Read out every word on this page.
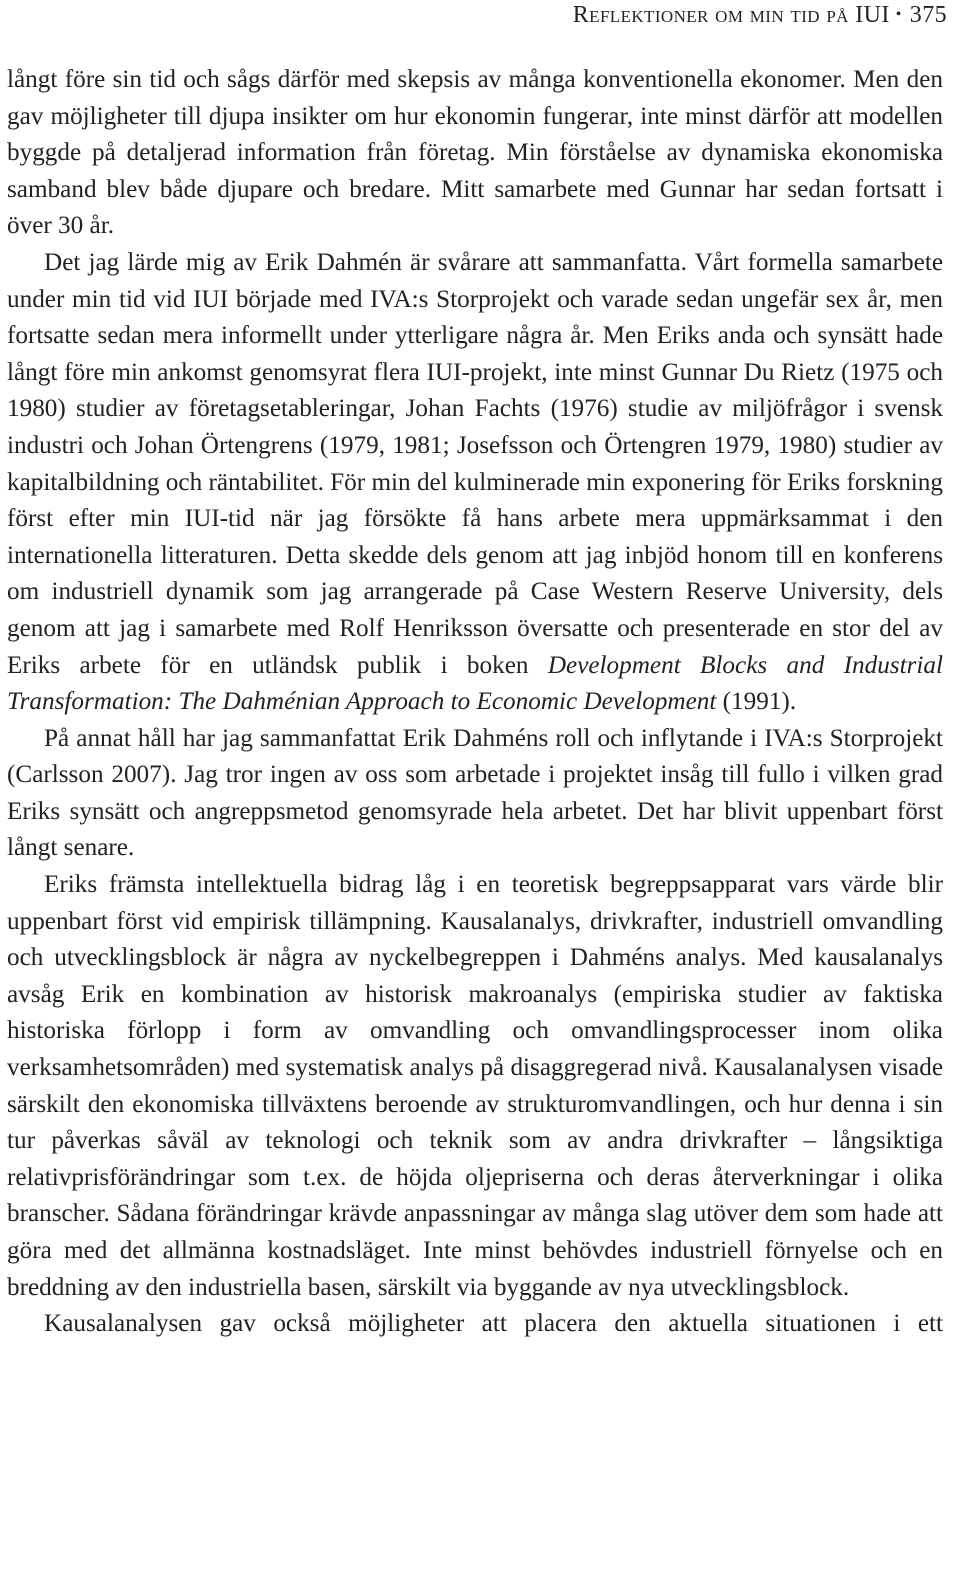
Reflektioner om min tid på IUI • 375

långt före sin tid och sågs därför med skepsis av många konventionella ekonomer. Men den gav möjligheter till djupa insikter om hur ekonomin fungerar, inte minst därför att modellen byggde på detaljerad information från företag. Min förståelse av dynamiska ekonomiska samband blev både djupare och bredare. Mitt samarbete med Gunnar har sedan fortsatt i över 30 år.

Det jag lärde mig av Erik Dahmén är svårare att sammanfatta. Vårt formella samarbete under min tid vid IUI började med IVA:s Storprojekt och varade sedan ungefär sex år, men fortsatte sedan mera informellt under ytterligare några år. Men Eriks anda och synsätt hade långt före min ankomst genomsyrat flera IUI-projekt, inte minst Gunnar Du Rietz (1975 och 1980) studier av företagsetableringar, Johan Fachts (1976) studie av miljöfrågor i svensk industri och Johan Örtengrens (1979, 1981; Josefsson och Örtengren 1979, 1980) studier av kapitalbildning och räntabilitet. För min del kulminerade min exponering för Eriks forskning först efter min IUI-tid när jag försökte få hans arbete mera uppmärksammat i den internationella litteraturen. Detta skedde dels genom att jag inbjöd honom till en konferens om industriell dynamik som jag arrangerade på Case Western Reserve University, dels genom att jag i samarbete med Rolf Henriksson översatte och presenterade en stor del av Eriks arbete för en utländsk publik i boken Development Blocks and Industrial Transformation: The Dahménian Approach to Economic Development (1991).

På annat håll har jag sammanfattat Erik Dahméns roll och inflytande i IVA:s Storprojekt (Carlsson 2007). Jag tror ingen av oss som arbetade i projektet insåg till fullo i vilken grad Eriks synsätt och angreppsmetod genomsyrade hela arbetet. Det har blivit uppenbart först långt senare.

Eriks främsta intellektuella bidrag låg i en teoretisk begreppsapparat vars värde blir uppenbart först vid empirisk tillämpning. Kausalanalys, drivkrafter, industriell omvandling och utvecklingsblock är några av nyckelbegreppen i Dahméns analys. Med kausalanalys avsåg Erik en kombination av historisk makroanalys (empiriska studier av faktiska historiska förlopp i form av omvandling och omvandlingsprocesser inom olika verksamhetsområden) med systematisk analys på disaggregerad nivå. Kausalanalysen visade särskilt den ekonomiska tillväxtens beroende av strukturomvandlingen, och hur denna i sin tur påverkas såväl av teknologi och teknik som av andra drivkrafter – långsiktiga relativprisförändringar som t.ex. de höjda oljepriserna och deras återverkningar i olika branscher. Sådana förändringar krävde anpassningar av många slag utöver dem som hade att göra med det allmänna kostnadsläget. Inte minst behövdes industriell förnyelse och en breddning av den industriella basen, särskilt via byggande av nya utvecklingsblock.

Kausalanalysen gav också möjligheter att placera den aktuella situationen i ett
